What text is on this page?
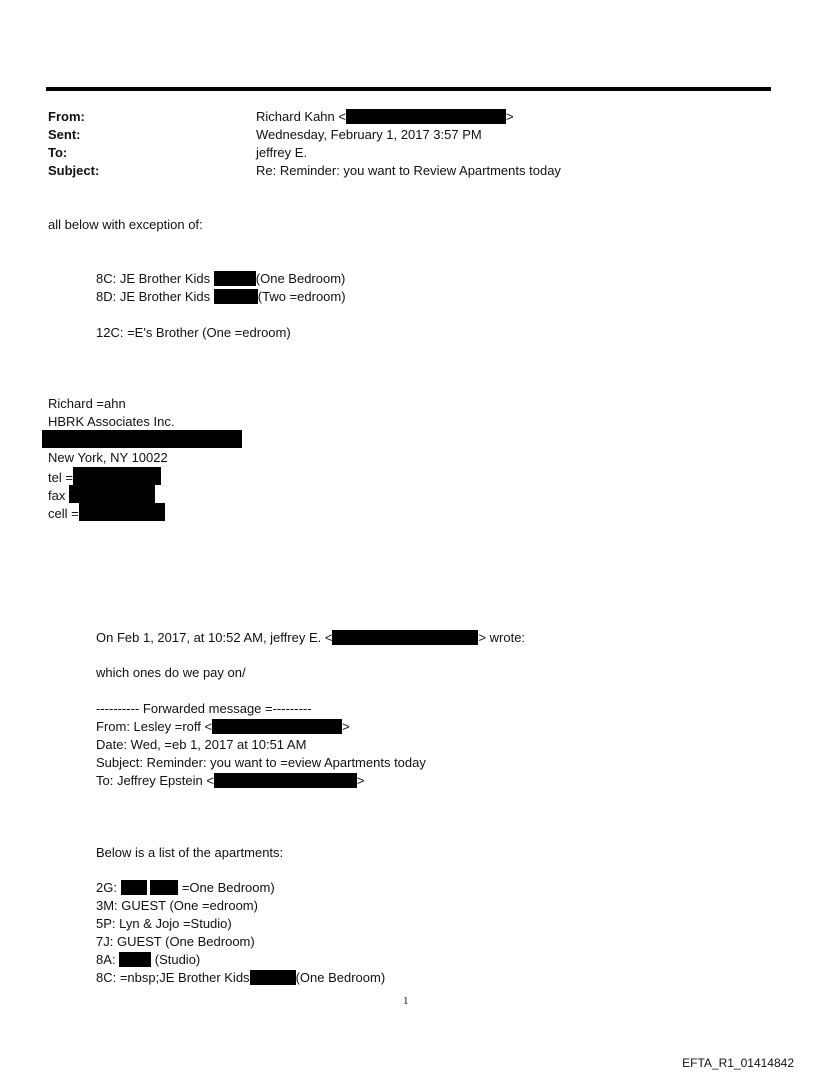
From:	Richard Kahn <	>
Sent:	Wednesday, February 1, 2017 3:57 PM
To:	jeffrey E.
Subject:	Re: Reminder: you want to Review Apartments today
all below with exception of:
8C: JE Brother Kids	(One Bedroom)
8D: JE Brother Kids	(Two =edroom)
12C: =E's Brother (One =edroom)
Richard =ahn
HBRK Associates Inc.
New York, NY 10022
tel =
fax
cell =
On Feb 1, 2017, at 10:52 AM, jeffrey E. <	> wrote:
which ones do we pay on/
---------- Forwarded message =---------
From: Lesley =roff <	>
Date: Wed, =eb 1, 2017 at 10:51 AM
Subject: Reminder: you want to =eview Apartments today
To: Jeffrey Epstein <	>
Below is a list of the apartments:
2G:	=One Bedroom)
3M: GUEST (One =edroom)
5P: Lyn & Jojo =Studio)
7J: GUEST (One Bedroom)
8A:  (Studio)
8C: =nbsp;JE Brother Kids	(One Bedroom)
1
EFTA_R1_01414842
